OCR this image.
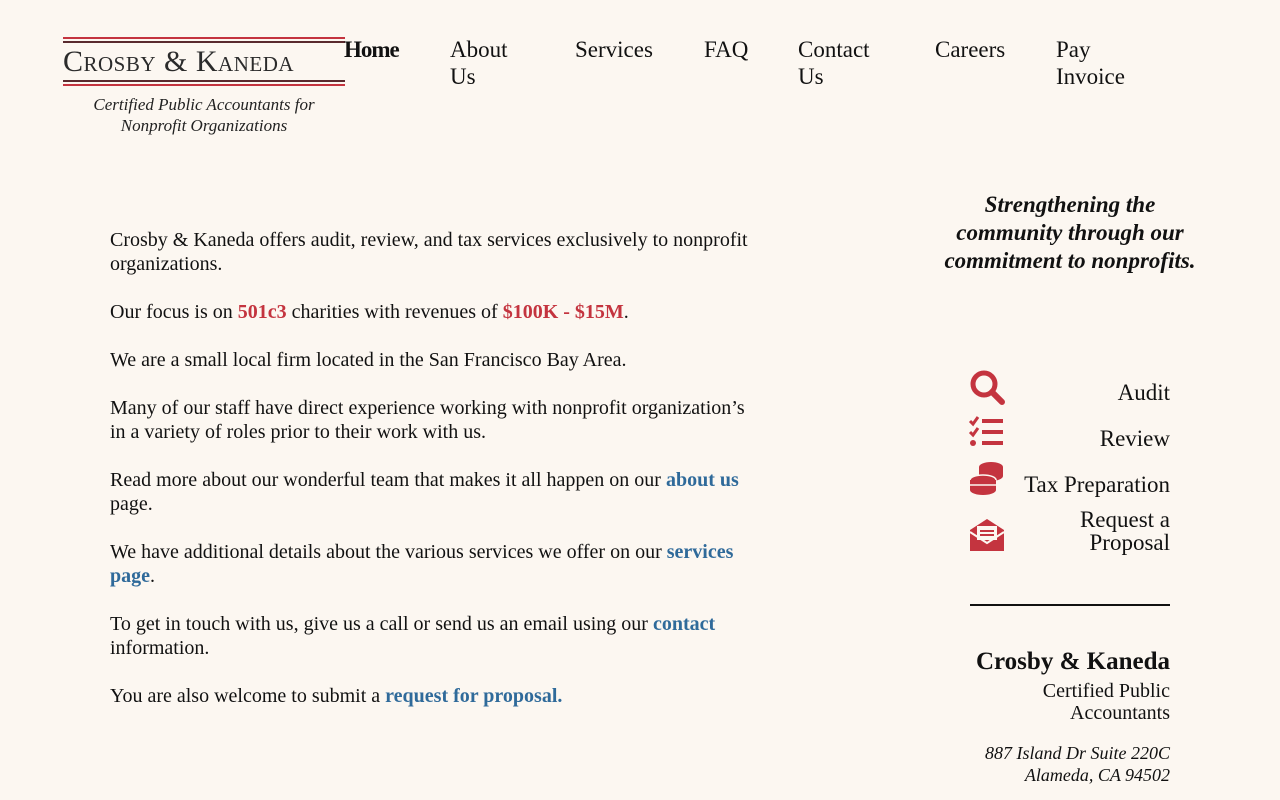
Crosby & Kaneda
Certified Public Accountants for
Nonprofit Organizations
Home About
Us
Services FAQ Contact
Us
Careers Pay
Invoice

Crosby & Kaneda offers audit, review, and tax services exclusively to nonprofit organizations.

Our focus is on 501c3 charities with revenues of $100K - $15M.

We are a small local firm located in the San Francisco Bay Area.

Many of our staff have direct experience working with nonprofit organization’s in a variety of roles prior to their work with us.

Read more about our wonderful team that makes it all happen on our about us page.

We have additional details about the various services we offer on our services page.

To get in touch with us, give us a call or send us an email using our contact information.

You are also welcome to submit a request for proposal.

Strengthening the community through our commitment to nonprofits.
Audit
Review
Tax Preparation
Request a
Proposal
Crosby & Kaneda
Certified Public
Accountants
887 Island Dr Suite 220C
Alameda, CA 94502
